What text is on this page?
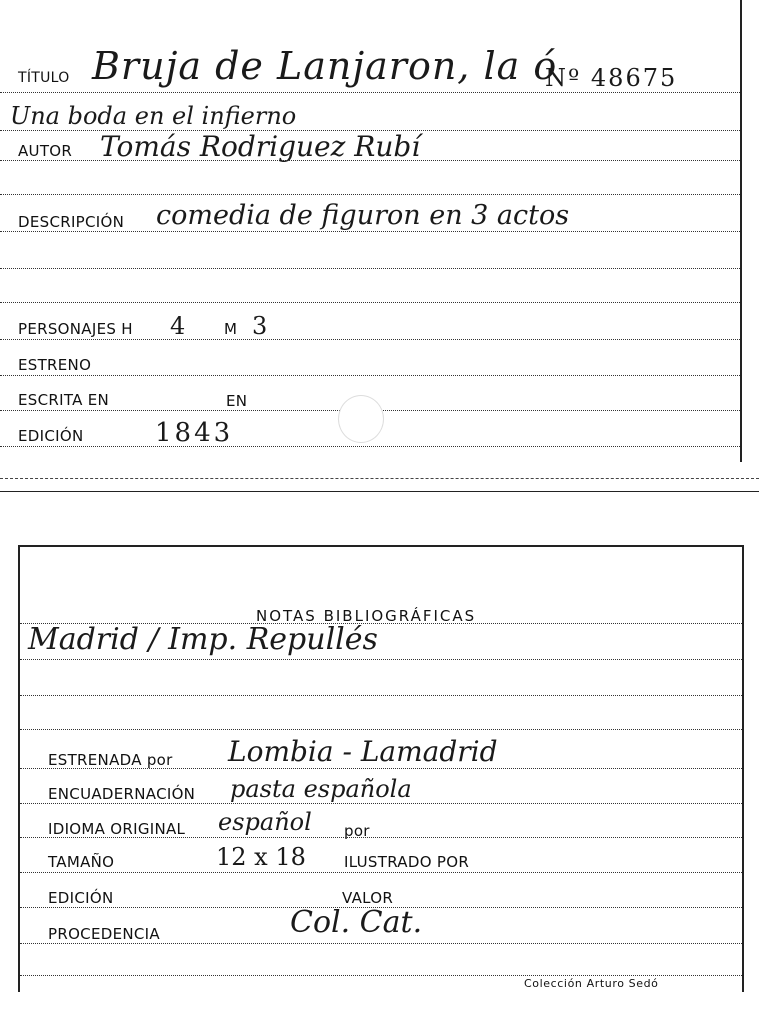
TÍTULO Bruja de Lanjaron, la ó
Nº 48675
Una boda en el infierno
AUTOR Tomás Rodriguez Rubí
DESCRIPCIÓN comedia de figuron en 3 actos
PERSONAJES H 4	M 3
ESTRENO
ESCRITA EN	EN
EDICIÓN	1843
NOTAS BIBLIOGRÁFICAS
Madrid / Imp. Repullés
ESTRENADA por Lombia - Lamadrid
ENCUADERNACIÓN pasta española
IDIOMA ORIGINAL español por
TAMAÑO	12 x 18	ILUSTRADO POR
EDICIÓN	VALOR
PROCEDENCIA	Col. Cat.
Colección Arturo Sedó
